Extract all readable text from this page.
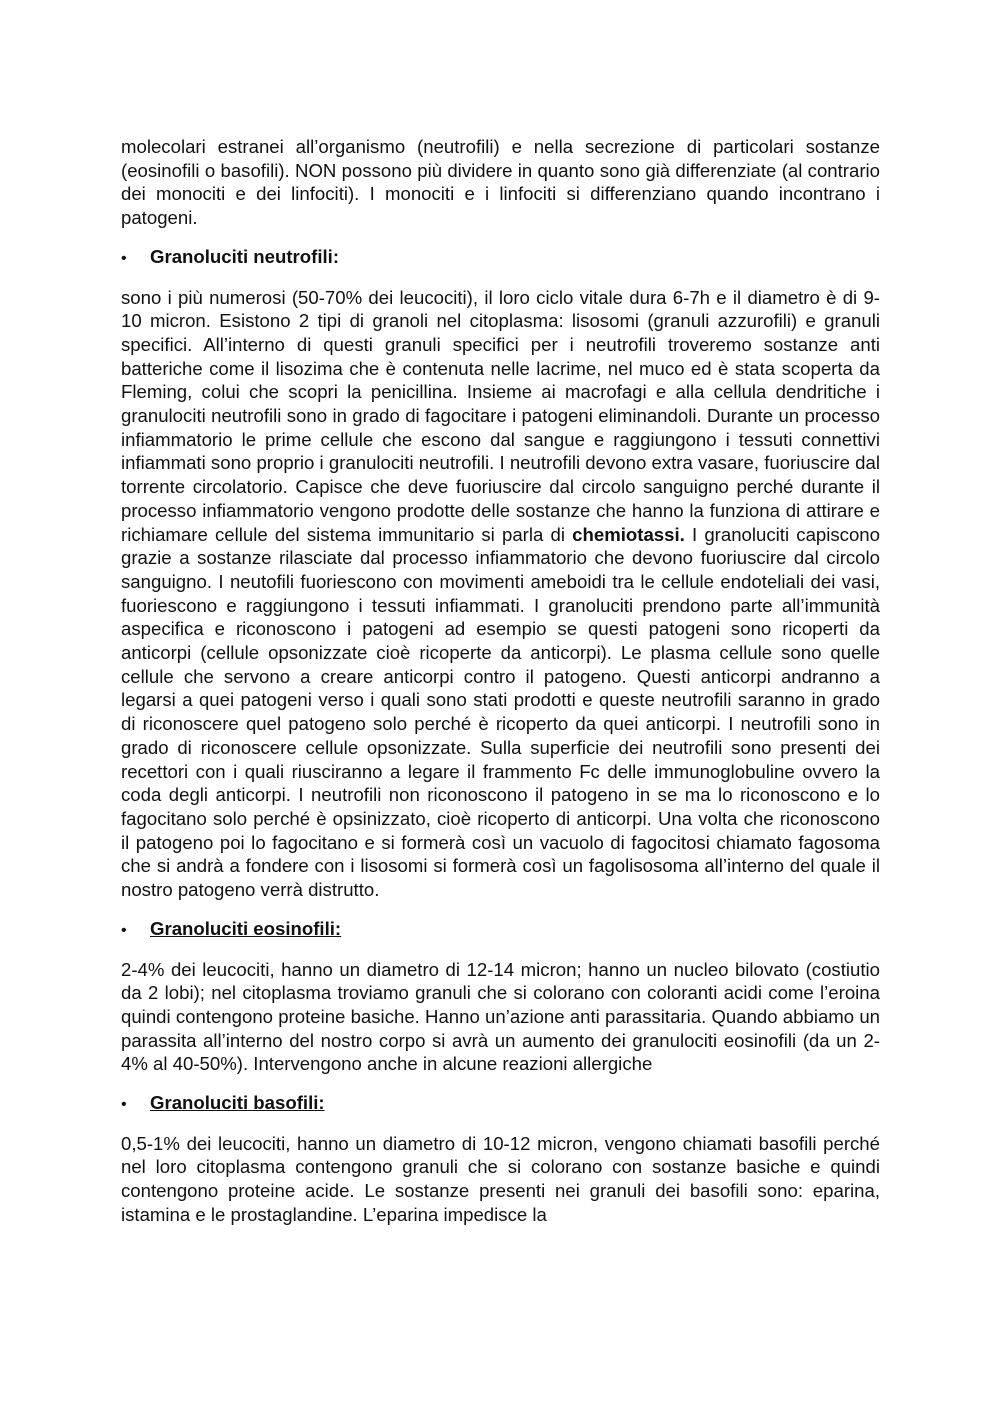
molecolari estranei all’organismo (neutrofili) e nella secrezione di particolari sostanze (eosinofili o basofili). NON possono più dividere in quanto sono già differenziate (al contrario dei monociti e dei linfociti). I monociti e i linfociti si differenziano quando incontrano i patogeni.

•	Granoluciti neutrofili:

sono i più numerosi (50-70% dei leucociti), il loro ciclo vitale dura 6-7h e il diametro è di 9-10 micron. Esistono 2 tipi di granoli nel citoplasma: lisosomi (granuli azzurofili) e granuli specifici. All’interno di questi granuli specifici per i neutrofili troveremo sostanze anti batteriche come il lisozima che è contenuta nelle lacrime, nel muco ed è stata scoperta da Fleming, colui che scopri la penicillina. Insieme ai macrofagi e alla cellula dendritiche i granulociti neutrofili sono in grado di fagocitare i patogeni eliminandoli. Durante un processo infiammatorio le prime cellule che escono dal sangue e raggiungono i tessuti connettivi infiammati sono proprio i granulociti neutrofili. I neutrofili devono extra vasare, fuoriuscire dal torrente circolatorio. Capisce che deve fuoriuscire dal circolo sanguigno perché durante il processo infiammatorio vengono prodotte delle sostanze che hanno la funziona di attirare e richiamare cellule del sistema immunitario si parla di chemiotassi. I granoluciti capiscono grazie a sostanze rilasciate dal processo infiammatorio che devono fuoriuscire dal circolo sanguigno. I neutofili fuoriescono con movimenti ameboidi tra le cellule endoteliali dei vasi, fuoriescono e raggiungono i tessuti infiammati. I granoluciti prendono parte all’immunità aspecifica e riconoscono i patogeni ad esempio se questi patogeni sono ricoperti da anticorpi (cellule opsonizzate cioè ricoperte da anticorpi). Le plasma cellule sono quelle cellule che servono a creare anticorpi contro il patogeno. Questi anticorpi andranno a legarsi a quei patogeni verso i quali sono stati prodotti e queste neutrofili saranno in grado di riconoscere quel patogeno solo perché è ricoperto da quei anticorpi. I neutrofili sono in grado di riconoscere cellule opsonizzate. Sulla superficie dei neutrofili sono presenti dei recettori con i quali riusciranno a legare il frammento Fc delle immunoglobuline ovvero la coda degli anticorpi. I neutrofili non riconoscono il patogeno in se ma lo riconoscono e lo fagocitano solo perché è opsinizzato, cioè ricoperto di anticorpi. Una volta che riconoscono il patogeno poi lo fagocitano e si formerà così un vacuolo di fagocitosi chiamato fagosoma che si andrà a fondere con i lisosomi si formerà così un fagolisosoma all’interno del quale il nostro patogeno verrà distrutto.

•	Granoluciti eosinofili:

2-4% dei leucociti, hanno un diametro di 12-14 micron; hanno un nucleo bilovato (costiutio da 2 lobi); nel citoplasma troviamo granuli che si colorano con coloranti acidi come l’eroina quindi contengono proteine basiche. Hanno un’azione anti parassitaria. Quando abbiamo un parassita all’interno del nostro corpo si avrà un aumento dei granulociti eosinofili (da un 2-4% al 40-50%). Intervengono anche in alcune reazioni allergiche

•	Granoluciti basofili:

0,5-1% dei leucociti, hanno un diametro di 10-12 micron, vengono chiamati basofili perché nel loro citoplasma contengono granuli che si colorano con sostanze basiche e quindi contengono proteine acide. Le sostanze presenti nei granuli dei basofili sono: eparina, istamina e le prostaglandine. L’eparina impedisce la
